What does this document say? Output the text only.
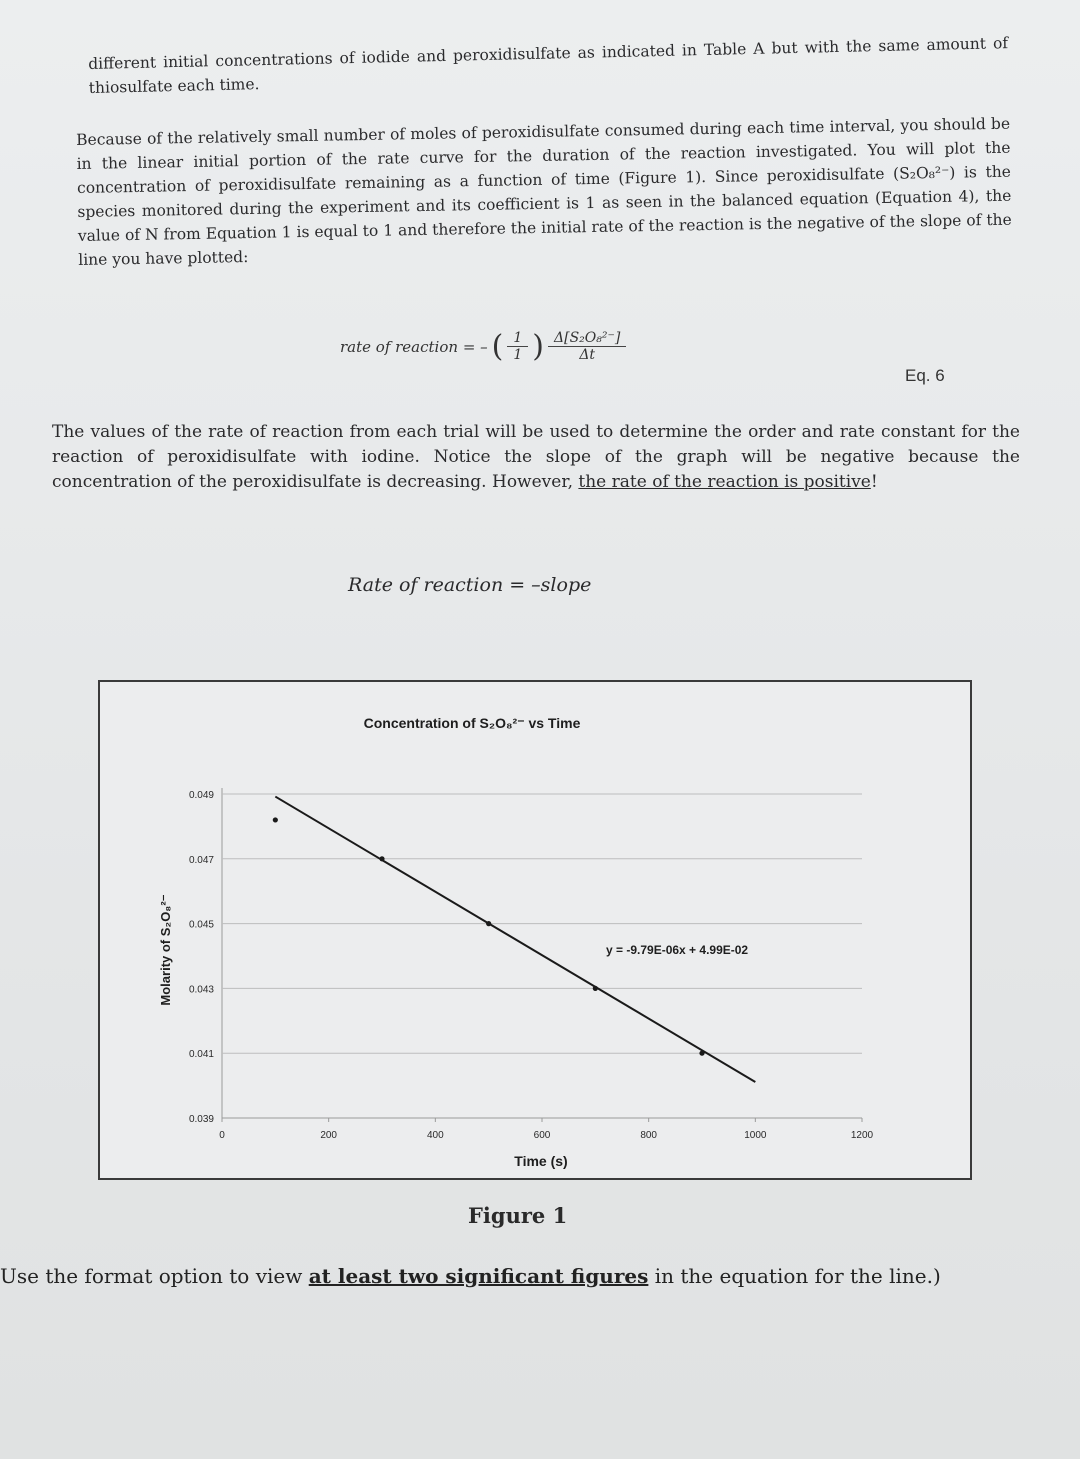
different initial concentrations of iodide and peroxidisulfate as indicated in Table A but with the same amount of thiosulfate each time.

Because of the relatively small number of moles of peroxidisulfate consumed during each time interval, you should be in the linear initial portion of the rate curve for the duration of the reaction investigated. You will plot the concentration of peroxidisulfate remaining as a function of time (Figure 1). Since peroxidisulfate (S₂O₈²⁻) is the species monitored during the experiment and its coefficient is 1 as seen in the balanced equation (Equation 4), the value of N from Equation 1 is equal to 1 and therefore the initial rate of the reaction is the negative of the slope of the line you have plotted:

rate of reaction = – ( $\frac{1}{1}$ ) $\frac{\text{Δ[S₂O₈²⁻]}}{\Delta t}$
Eq. 6

The values of the rate of reaction from each trial will be used to determine the order and rate constant for the reaction of peroxidisulfate with iodine. Notice the slope of the graph will be negative because the concentration of the peroxidisulfate is decreasing. However, the rate of the reaction is positive!

Rate of reaction = –slope
Concentration of S₂O₈²⁻ vs Time
0.049
0.047
0.045
0.043
0.041
0.039
0	200	400	600	800	1000	1200
y = -9.79E-06x + 4.99E-02
Time (s)
Molarity of S₂O₈²⁻
Figure 1
Use the format option to view at least two significant figures in the equation for the line.)
